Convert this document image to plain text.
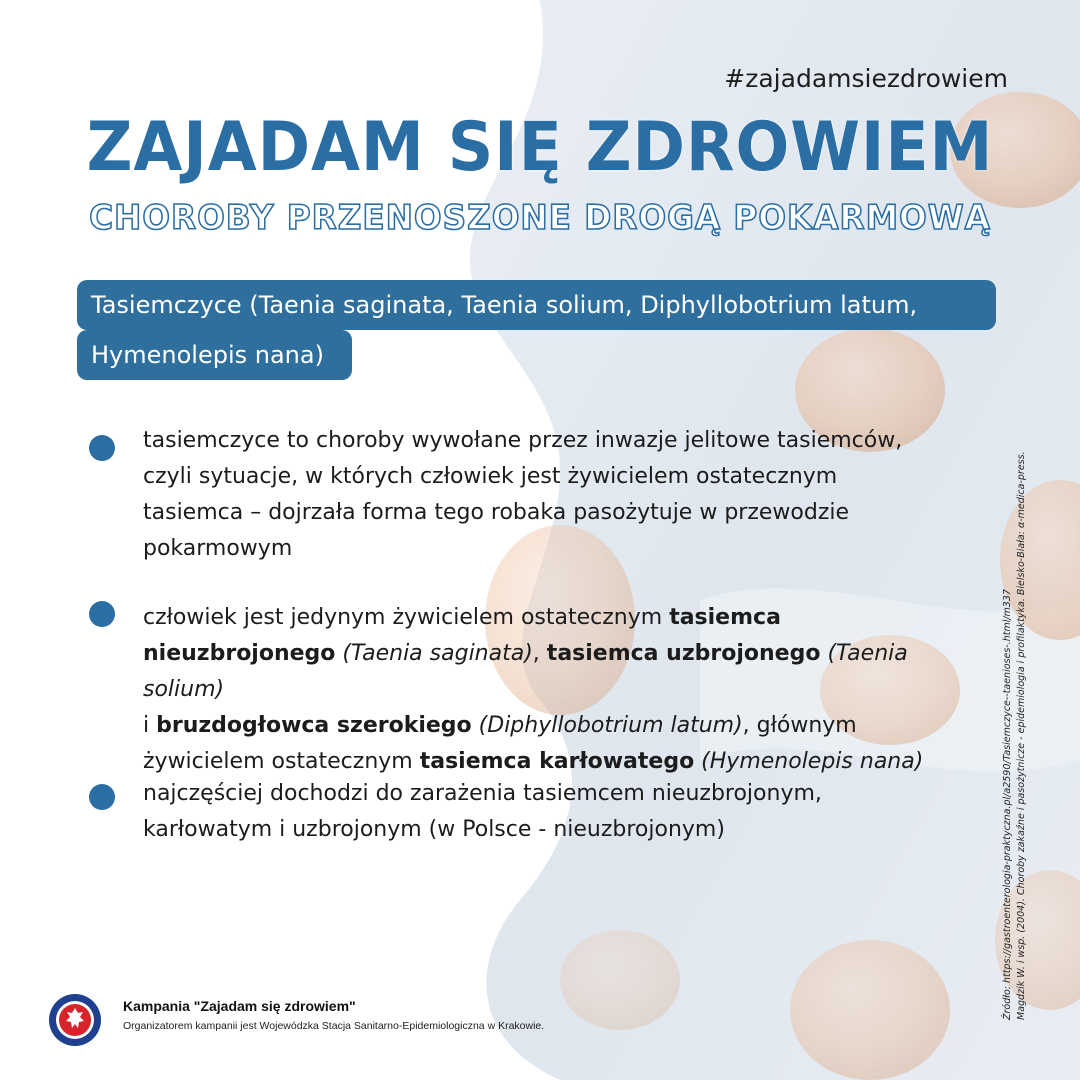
#zajadamsiezdrowiem
ZAJADAM SIĘ ZDROWIEM
CHOROBY PRZENOSZONE DROGĄ POKARMOWĄ
Tasiemczyce (Taenia saginata, Taenia solium, Diphyllobotrium latum,
Hymenolepis nana)
tasiemczyce to choroby wywołane przez inwazje jelitowe tasiemców,
czyli sytuacje, w których człowiek jest żywicielem ostatecznym
tasiemca – dojrzała forma tego robaka pasożytuje w przewodzie
pokarmowym
człowiek jest jedynym żywicielem ostatecznym tasiemca
nieuzbrojonego (Taenia saginata), tasiemca uzbrojonego (Taenia solium)
i bruzdogłowca szerokiego (Diphyllobotrium latum), głównym
żywicielem ostatecznym tasiemca karłowatego (Hymenolepis nana)
najczęściej dochodzi do zarażenia tasiemcem nieuzbrojonym,
karłowatym i uzbrojonym (w Polsce - nieuzbrojonym)
Kampania "Zajadam się zdrowiem"
Organizatorem kampanii jest Wojewódzka Stacja Sanitarno-Epidemiologiczna w Krakowie.
Źródło: https://gastroenterologia-praktyczna.pl/a2590/Tasiemczyce--taenioses-.html/m337 Magdzik W. i wsp. (2004). Choroby zakaźne i pasożytnicze - epidemiologia i profilaktyka. Bielsko-Biała: α-medica-press.
